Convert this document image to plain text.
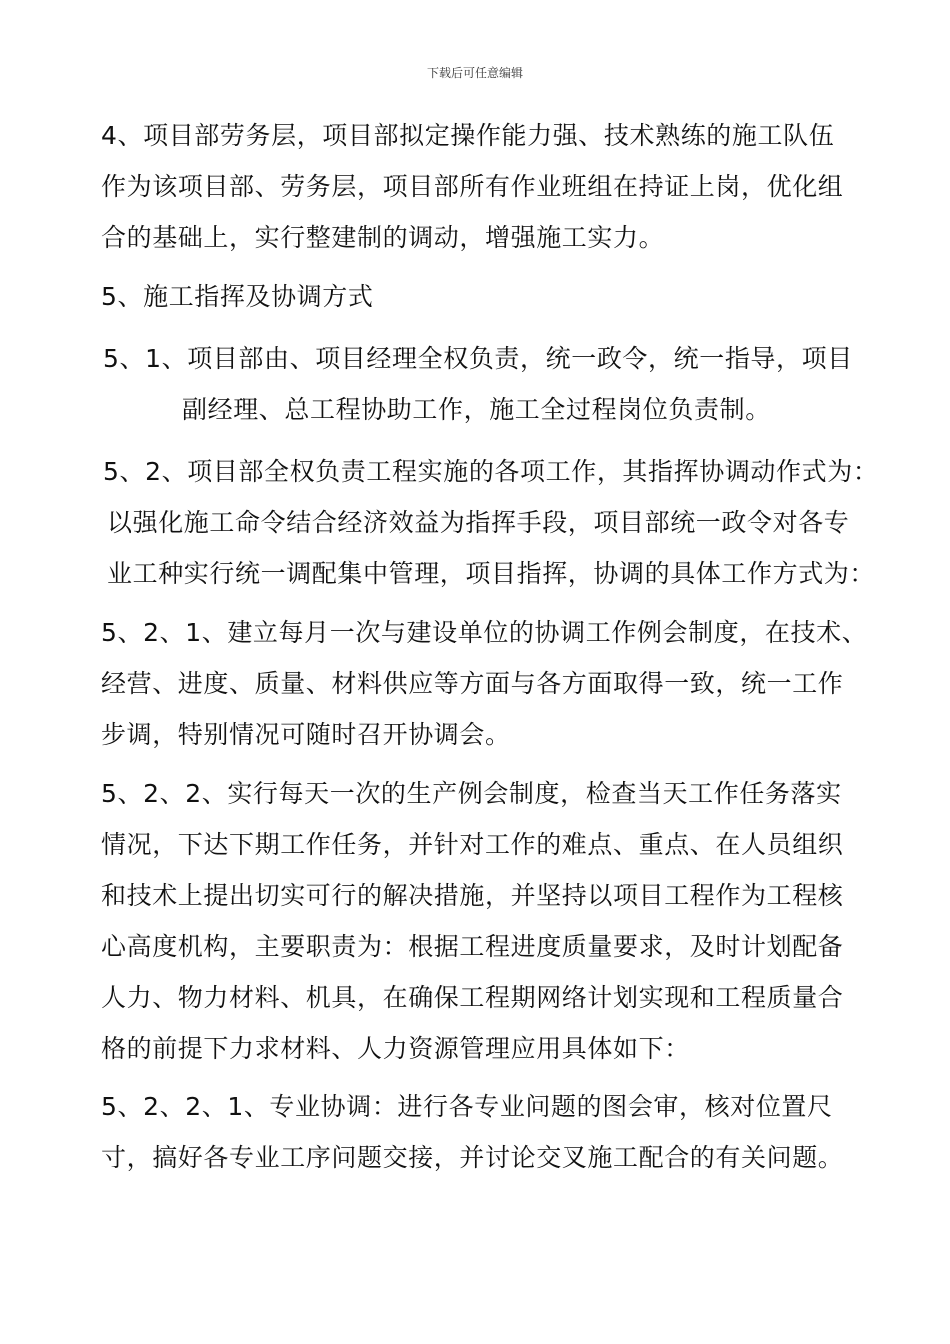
下载后可任意编辑
4、项目部劳务层，项目部拟定操作能力强、技术熟练的施工队伍
作为该项目部、劳务层，项目部所有作业班组在持证上岗，优化组
合的基础上，实行整建制的调动，增强施工实力。
5、施工指挥及协调方式
5、1、项目部由、项目经理全权负责，统一政令，统一指导，项目
副经理、总工程协助工作，施工全过程岗位负责制。
5、2、项目部全权负责工程实施的各项工作，其指挥协调动作式为：
以强化施工命令结合经济效益为指挥手段，项目部统一政令对各专
业工种实行统一调配集中管理，项目指挥，协调的具体工作方式为：
5、2、1、建立每月一次与建设单位的协调工作例会制度，在技术、
经营、进度、质量、材料供应等方面与各方面取得一致，统一工作
步调，特别情况可随时召开协调会。
5、2、2、实行每天一次的生产例会制度，检查当天工作任务落实
情况，下达下期工作任务，并针对工作的难点、重点、在人员组织
和技术上提出切实可行的解决措施，并坚持以项目工程作为工程核
心高度机构，主要职责为：根据工程进度质量要求，及时计划配备
人力、物力材料、机具，在确保工程期网络计划实现和工程质量合
格的前提下力求材料、人力资源管理应用具体如下：
5、2、2、1、专业协调：进行各专业问题的图会审，核对位置尺
寸，搞好各专业工序问题交接，并讨论交叉施工配合的有关问题。
